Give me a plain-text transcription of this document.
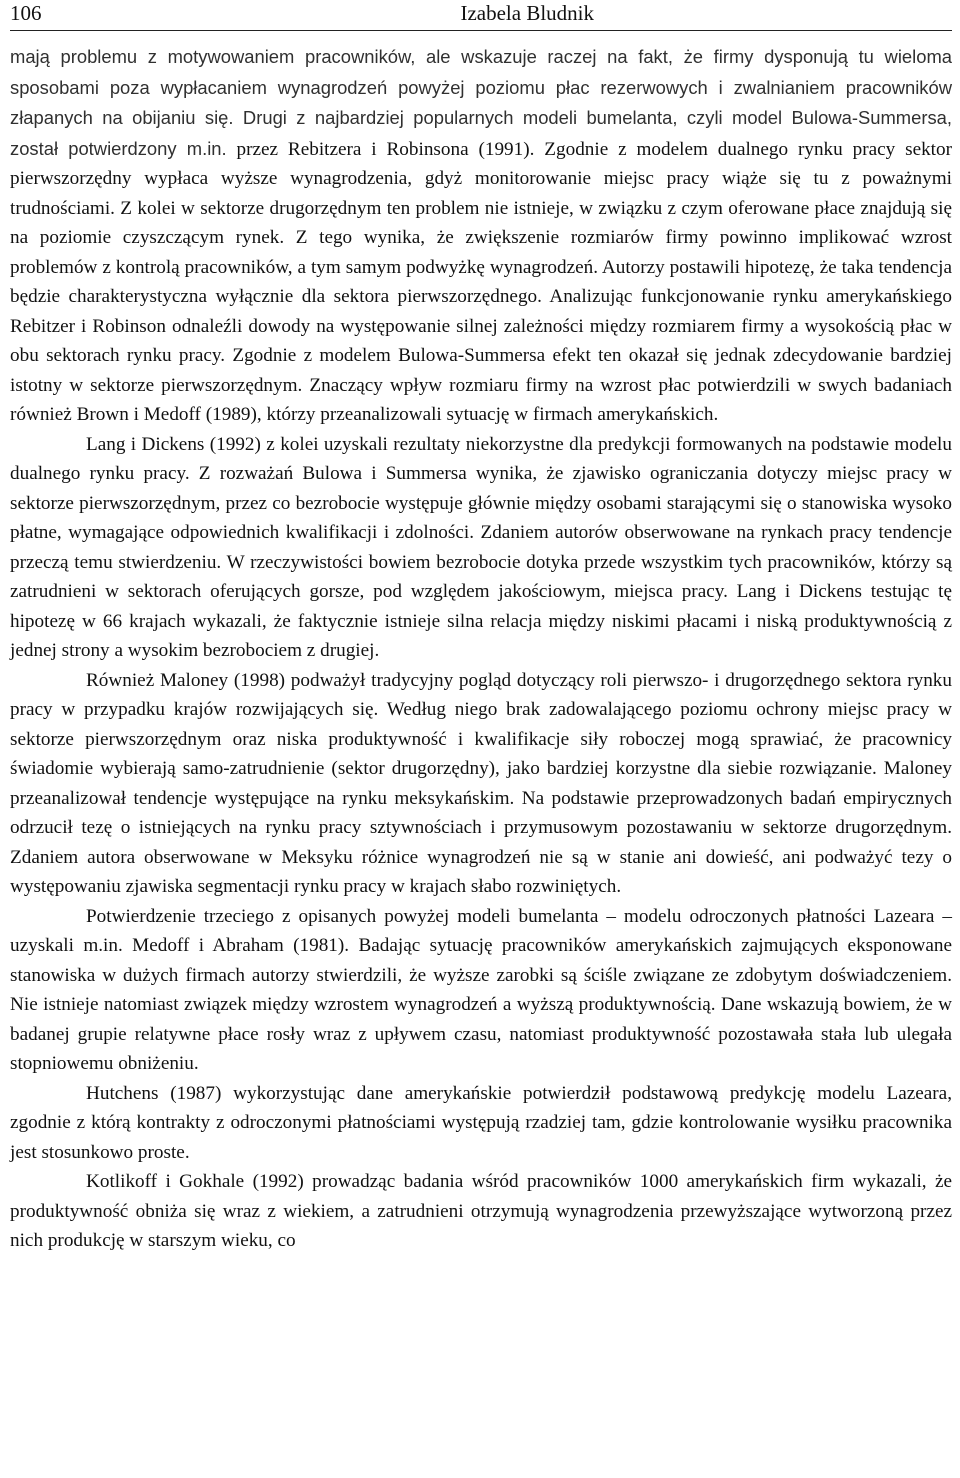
106	Izabela Bludnik

mają problemu z motywowaniem pracowników, ale wskazuje raczej na fakt, że firmy dysponują tu wieloma sposobami poza wypłacaniem wynagrodzeń powyżej poziomu płac rezerwowych i zwalnianiem pracowników złapanych na obijaniu się. Drugi z najbardziej popularnych modeli bumelanta, czyli model Bulowa-Summersa, został potwierdzony m.in. przez Rebitzera i Robinsona (1991). Zgodnie z modelem dualnego rynku pracy sektor pierwszorzędny wypłaca wyższe wynagrodzenia, gdyż monitorowanie miejsc pracy wiąże się tu z poważnymi trudnościami. Z kolei w sektorze drugorzędnym ten problem nie istnieje, w związku z czym oferowane płace znajdują się na poziomie czyszczącym rynek. Z tego wynika, że zwiększenie rozmiarów firmy powinno implikować wzrost problemów z kontrolą pracowników, a tym samym podwyżkę wynagrodzeń. Autorzy postawili hipotezę, że taka tendencja będzie charakterystyczna wyłącznie dla sektora pierwszorzędnego. Analizując funkcjonowanie rynku amerykańskiego Rebitzer i Robinson odnaleźli dowody na występowanie silnej zależności między rozmiarem firmy a wysokością płac w obu sektorach rynku pracy. Zgodnie z modelem Bulowa-Summersa efekt ten okazał się jednak zdecydowanie bardziej istotny w sektorze pierwszorzędnym. Znaczący wpływ rozmiaru firmy na wzrost płac potwierdzili w swych badaniach również Brown i Medoff (1989), którzy przeanalizowali sytuację w firmach amerykańskich.

Lang i Dickens (1992) z kolei uzyskali rezultaty niekorzystne dla predykcji formowanych na podstawie modelu dualnego rynku pracy. Z rozważań Bulowa i Summersa wynika, że zjawisko ograniczania dotyczy miejsc pracy w sektorze pierwszorzędnym, przez co bezrobocie występuje głównie między osobami starającymi się o stanowiska wysoko płatne, wymagające odpowiednich kwalifikacji i zdolności. Zdaniem autorów obserwowane na rynkach pracy tendencje przeczą temu stwierdzeniu. W rzeczywistości bowiem bezrobocie dotyka przede wszystkim tych pracowników, którzy są zatrudnieni w sektorach oferujących gorsze, pod względem jakościowym, miejsca pracy. Lang i Dickens testując tę hipotezę w 66 krajach wykazali, że faktycznie istnieje silna relacja między niskimi płacami i niską produktywnością z jednej strony a wysokim bezrobociem z drugiej.

Również Maloney (1998) podważył tradycyjny pogląd dotyczący roli pierwszo- i drugorzędnego sektora rynku pracy w przypadku krajów rozwijających się. Według niego brak zadowalającego poziomu ochrony miejsc pracy w sektorze pierwszorzędnym oraz niska produktywność i kwalifikacje siły roboczej mogą sprawiać, że pracownicy świadomie wybierają samo-zatrudnienie (sektor drugorzędny), jako bardziej korzystne dla siebie rozwiązanie. Maloney przeanalizował tendencje występujące na rynku meksykańskim. Na podstawie przeprowadzonych badań empirycznych odrzucił tezę o istniejących na rynku pracy sztywnościach i przymusowym pozostawaniu w sektorze drugorzędnym. Zdaniem autora obserwowane w Meksyku różnice wynagrodzeń nie są w stanie ani dowieść, ani podważyć tezy o występowaniu zjawiska segmentacji rynku pracy w krajach słabo rozwiniętych.

Potwierdzenie trzeciego z opisanych powyżej modeli bumelanta – modelu odroczonych płatności Lazeara – uzyskali m.in. Medoff i Abraham (1981). Badając sytuację pracowników amerykańskich zajmujących eksponowane stanowiska w dużych firmach autorzy stwierdzili, że wyższe zarobki są ściśle związane ze zdobytym doświadczeniem. Nie istnieje natomiast związek między wzrostem wynagrodzeń a wyższą produktywnością. Dane wskazują bowiem, że w badanej grupie relatywne płace rosły wraz z upływem czasu, natomiast produktywność pozostawała stała lub ulegała stopniowemu obniżeniu.

Hutchens (1987) wykorzystując dane amerykańskie potwierdził podstawową predykcję modelu Lazeara, zgodnie z którą kontrakty z odroczonymi płatnościami występują rzadziej tam, gdzie kontrolowanie wysiłku pracownika jest stosunkowo proste.

Kotlikoff i Gokhale (1992) prowadząc badania wśród pracowników 1000 amerykańskich firm wykazali, że produktywność obniża się wraz z wiekiem, a zatrudnieni otrzymują wynagrodzenia przewyższające wytworzoną przez nich produkcję w starszym wieku, co
